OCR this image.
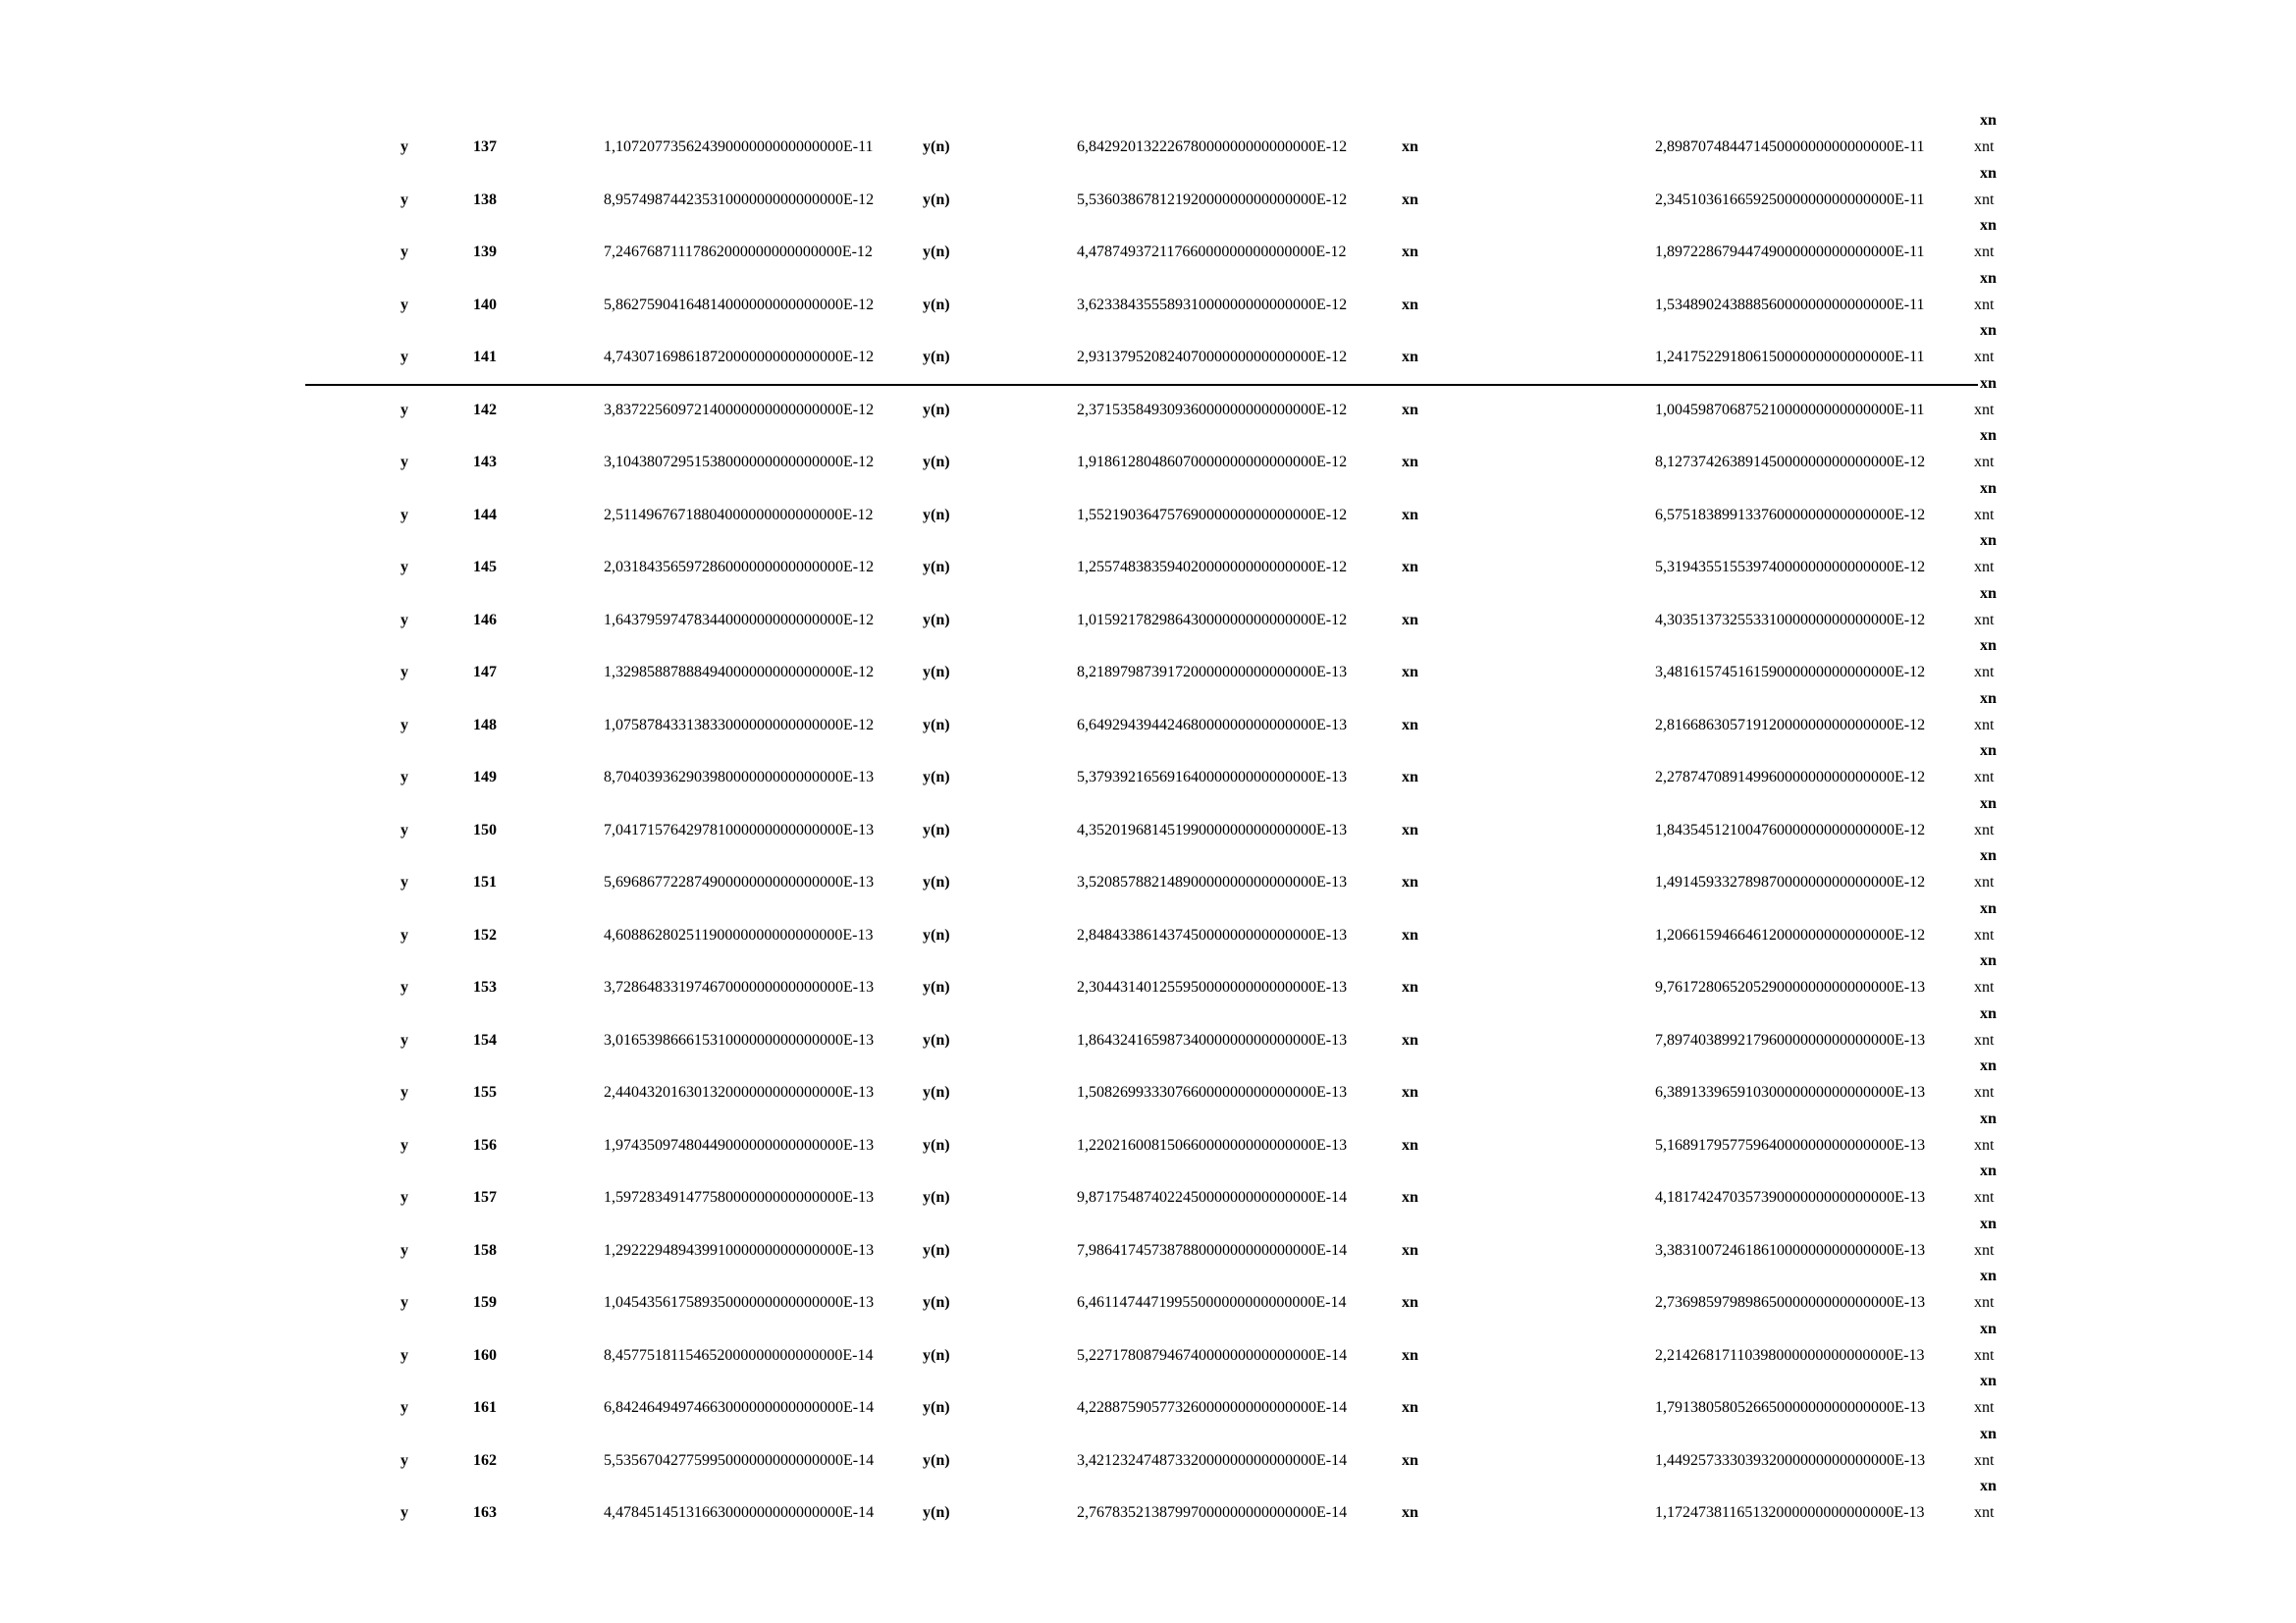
xn
y	137	1,10720773562439000000000000000E-11	y(n)	6,84292013222678000000000000000E-12	xn	2,89870748447145000000000000000E-11	xnt
xn
y	138	8,95749874423531000000000000000E-12	y(n)	5,53603867812192000000000000000E-12	xn	2,34510361665925000000000000000E-11	xnt
xn
y	139	7,24676871117862000000000000000E-12	y(n)	4,47874937211766000000000000000E-12	xn	1,89722867944749000000000000000E-11	xnt
xn
y	140	5,86275904164814000000000000000E-12	y(n)	3,62338435558931000000000000000E-12	xn	1,53489024388856000000000000000E-11	xnt
xn
y	141	4,74307169861872000000000000000E-12	y(n)	2,93137952082407000000000000000E-12	xn	1,24175229180615000000000000000E-11	xnt
xn
y	142	3,83722560972140000000000000000E-12	y(n)	2,37153584930936000000000000000E-12	xn	1,00459870687521000000000000000E-11	xnt
xn
y	143	3,10438072951538000000000000000E-12	y(n)	1,91861280486070000000000000000E-12	xn	8,12737426389145000000000000000E-12	xnt
xn
y	144	2,51149676718804000000000000000E-12	y(n)	1,55219036475769000000000000000E-12	xn	6,57518389913376000000000000000E-12	xnt
xn
y	145	2,03184356597286000000000000000E-12	y(n)	1,25574838359402000000000000000E-12	xn	5,31943551553974000000000000000E-12	xnt
xn
y	146	1,64379597478344000000000000000E-12	y(n)	1,01592178298643000000000000000E-12	xn	4,30351373255331000000000000000E-12	xnt
xn
y	147	1,32985887888494000000000000000E-12	y(n)	8,21897987391720000000000000000E-13	xn	3,48161574516159000000000000000E-12	xnt
xn
y	148	1,07587843313833000000000000000E-12	y(n)	6,64929439442468000000000000000E-13	xn	2,81668630571912000000000000000E-12	xnt
xn
y	149	8,70403936290398000000000000000E-13	y(n)	5,37939216569164000000000000000E-13	xn	2,27874708914996000000000000000E-12	xnt
xn
y	150	7,04171576429781000000000000000E-13	y(n)	4,35201968145199000000000000000E-13	xn	1,84354512100476000000000000000E-12	xnt
xn
y	151	5,69686772287490000000000000000E-13	y(n)	3,52085788214890000000000000000E-13	xn	1,49145933278987000000000000000E-12	xnt
xn
y	152	4,60886280251190000000000000000E-13	y(n)	2,84843386143745000000000000000E-13	xn	1,20661594664612000000000000000E-12	xnt
xn
y	153	3,72864833197467000000000000000E-13	y(n)	2,30443140125595000000000000000E-13	xn	9,76172806520529000000000000000E-13	xnt
xn
y	154	3,01653986661531000000000000000E-13	y(n)	1,86432416598734000000000000000E-13	xn	7,89740389921796000000000000000E-13	xnt
xn
y	155	2,44043201630132000000000000000E-13	y(n)	1,50826993330766000000000000000E-13	xn	6,38913396591030000000000000000E-13	xnt
xn
y	156	1,97435097480449000000000000000E-13	y(n)	1,22021600815066000000000000000E-13	xn	5,16891795775964000000000000000E-13	xnt
xn
y	157	1,59728349147758000000000000000E-13	y(n)	9,87175487402245000000000000000E-14	xn	4,18174247035739000000000000000E-13	xnt
xn
y	158	1,29222948943991000000000000000E-13	y(n)	7,98641745738788000000000000000E-14	xn	3,38310072461861000000000000000E-13	xnt
xn
y	159	1,04543561758935000000000000000E-13	y(n)	6,46114744719955000000000000000E-14	xn	2,73698597989865000000000000000E-13	xnt
xn
y	160	8,45775181154652000000000000000E-14	y(n)	5,22717808794674000000000000000E-14	xn	2,21426817110398000000000000000E-13	xnt
xn
y	161	6,84246494974663000000000000000E-14	y(n)	4,22887590577326000000000000000E-14	xn	1,79138058052665000000000000000E-13	xnt
xn
y	162	5,53567042775995000000000000000E-14	y(n)	3,42123247487332000000000000000E-14	xn	1,44925733303932000000000000000E-13	xnt
xn
y	163	4,47845145131663000000000000000E-14	y(n)	2,76783521387997000000000000000E-14	xn	1,17247381165132000000000000000E-13	xnt
